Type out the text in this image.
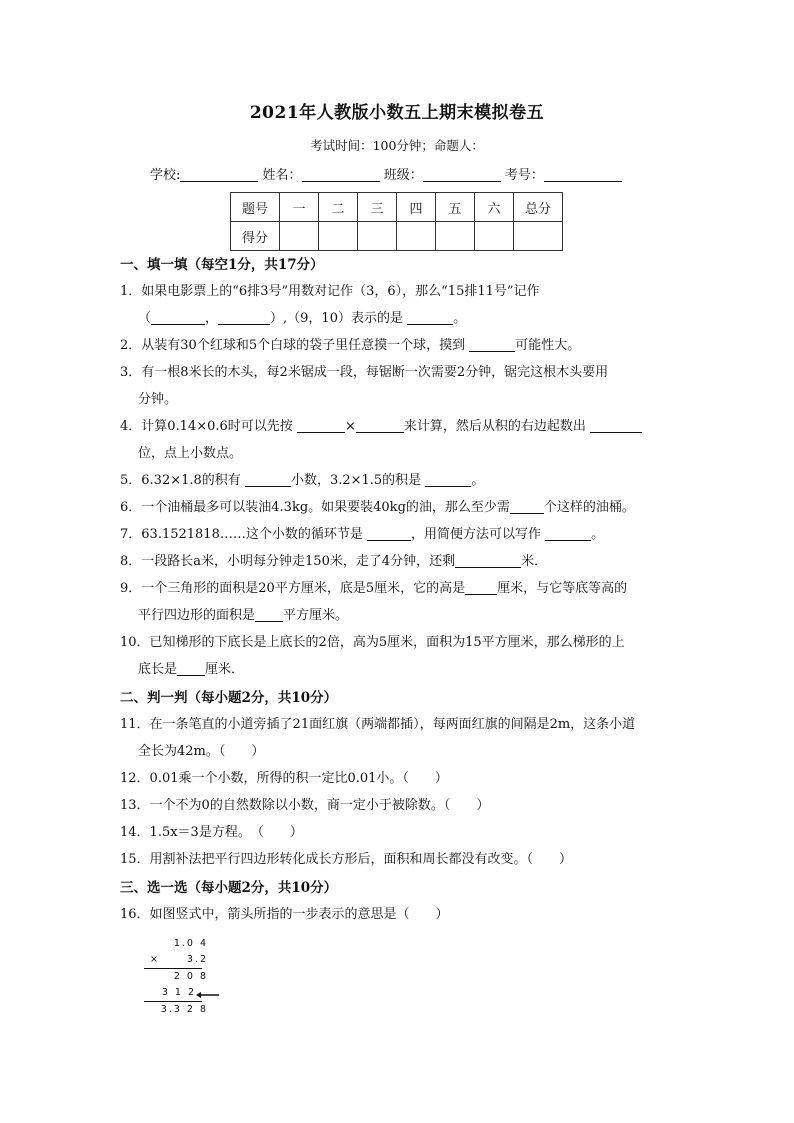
2021年人教版小数五上期末模拟卷五
考试时间：100分钟；命题人：
学校:	姓名：	班级：	考号：
题号	一	二	三	四	五	六	总分
得分							
一、填一填（每空1分，共17分）
1．如果电影票上的“6排3号”用数对记作（3，6），那么“15排11号”记作
（	，	）,（9，10）表示的是	。
2．从装有30个红球和5个白球的袋子里任意摸一个球，摸到	可能性大。
3．有一根8米长的木头，每2米锯成一段，每锯断一次需要2分钟，锯完这根木头要用
分钟。
4．计算0.14×0.6时可以先按	×	来计算，然后从积的右边起数出
位，点上小数点。
5．6.32×1.8的积有	小数，3.2×1.5的积是	。
6．一个油桶最多可以装油4.3kg。如果要装40kg的油，那么至少需	个这样的油桶。
7．63.1521818……这个小数的循环节是	，用简便方法可以写作	。
8．一段路长a米，小明每分钟走150米，走了4分钟，还剩	米．
9．一个三角形的面积是20平方厘米，底是5厘米，它的高是 厘米，与它等底等高的
平行四边形的面积是 平方厘米。
10．已知梯形的下底长是上底长的2倍，高为5厘米，面积为15平方厘米，那么梯形的上
底长是 厘米．
二、判一判（每小题2分，共10分）
11．在一条笔直的小道旁插了21面红旗（两端都插），每两面红旗的间隔是2m，这条小道
全长为42m。（　　）
12．0.01乘一个小数，所得的积一定比0.01小。（　　）
13．一个不为0的自然数除以小数，商一定小于被除数。（　　）
14．1.5x＝3是方程。　（　　）
15．用割补法把平行四边形转化成长方形后，面积和周长都没有改变。（　　）
三、选一选（每小题2分，共10分）
16．如图竖式中，箭头所指的一步表示的意思是（　　）
1.0 4
×	3.2
2 0 8
3 1 2
3.3 2 8
